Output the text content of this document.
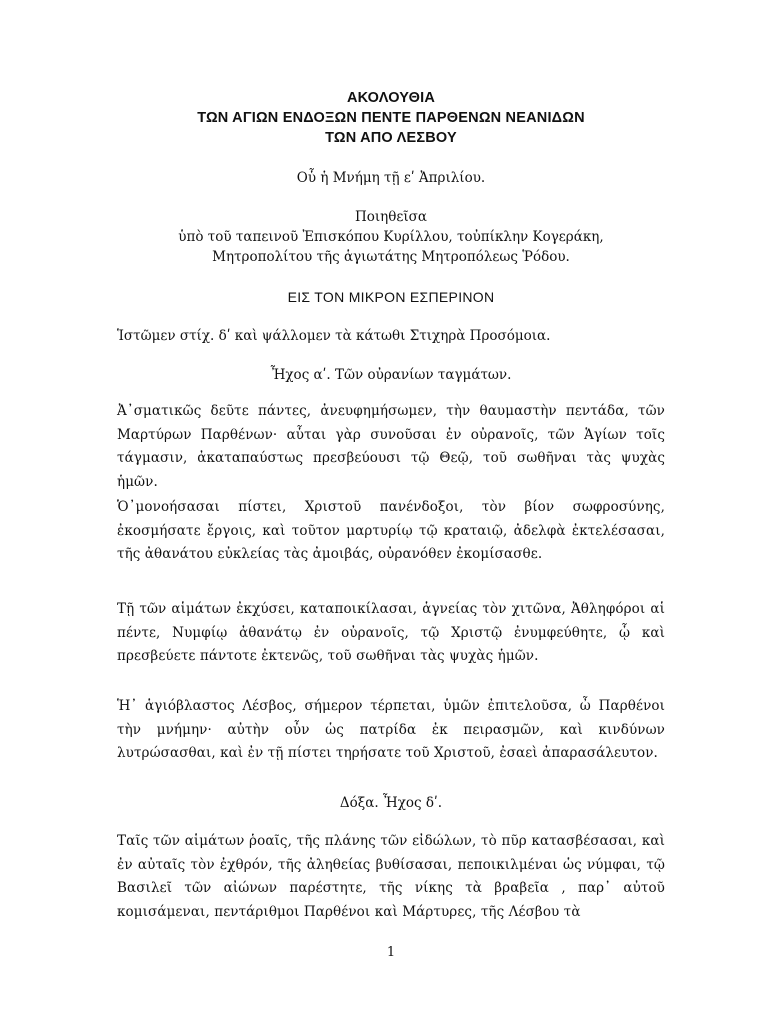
ΑΚΟΛΟΥΘΙΑ
ΤΩΝ ΑΓΙΩΝ ΕΝΔΟΞΩΝ ΠΕΝΤΕ ΠΑΡΘΕΝΩΝ ΝΕΑΝΙΔΩΝ
ΤΩΝ ΑΠΟ ΛΕΣΒΟΥ
Οὗ ἡ Μνήμη τῇ εʹ Ἀπριλίου.
Ποιηθεῖσα
ὑπὸ τοῦ ταπεινοῦ Ἐπισκόπου Κυρίλλου, τοὐπίκλην Κογεράκη,
Μητροπολίτου τῆς ἁγιωτάτης Μητροπόλεως Ῥόδου.
ΕΙΣ ΤΟΝ ΜΙΚΡΟΝ ΕΣΠΕΡΙΝΟΝ
Ἱστῶμεν στίχ. δʹ καὶ ψάλλομεν τὰ κάτωθι Στιχηρὰ Προσόμοια.
Ἦχος αʹ. Τῶν οὐρανίων ταγμάτων.
Ἀ᾿σματικῶς δεῦτε πάντες, ἀνευφημήσωμεν, τὴν θαυμαστὴν πεντάδα, τῶν Μαρτύρων Παρθένων· αὗται γὰρ συνοῦσαι ἐν οὐρανοῖς, τῶν Ἁγίων τοῖς τάγμασιν, ἀκαταπαύστως πρεσβεύουσι τῷ Θεῷ, τοῦ σωθῆναι τὰς ψυχὰς ἡμῶν.
Ὁ᾿μονοήσασαι πίστει, Χριστοῦ πανένδοξοι, τὸν βίον σωφροσύνης, ἐκοσμήσατε ἔργοις, καὶ τοῦτον μαρτυρίῳ τῷ κραταιῷ, ἀδελφὰ ἐκτελέσασαι, τῆς ἀθανάτου εὐκλείας τὰς ἀμοιβάς, οὐρανόθεν ἐκομίσασθε.
Τῇ τῶν αἱμάτων ἐκχύσει, καταποικίλασαι, ἁγνείας τὸν χιτῶνα, Ἀθληφόροι αἱ πέντε, Νυμφίῳ ἀθανάτῳ ἐν οὐρανοῖς, τῷ Χριστῷ ἐνυμφεύθητε, ᾧ καὶ πρεσβεύετε πάντοτε ἐκτενῶς, τοῦ σωθῆναι τὰς ψυχὰς ἡμῶν.
Ἡ᾿ ἁγιόβλαστος Λέσβος, σήμερον τέρπεται, ὑμῶν ἐπιτελοῦσα, ὦ Παρθένοι τὴν μνήμην· αὐτὴν οὖν ὡς πατρίδα ἐκ πειρασμῶν, καὶ κινδύνων λυτρώσασθαι, καὶ ἐν τῇ πίστει τηρήσατε τοῦ Χριστοῦ, ἐσαεὶ ἀπαρασάλευτον.
Δόξα. Ἦχος δʹ.
Ταῖς τῶν αἱμάτων ῥοαῖς, τῆς πλάνης τῶν εἰδώλων, τὸ πῦρ κατασβέσασαι, καὶ ἐν αὐταῖς τὸν ἐχθρόν, τῆς ἀληθείας βυθίσασαι, πεποικιλμέναι ὡς νύμφαι, τῷ Βασιλεῖ τῶν αἰώνων παρέστητε, τῆς νίκης τὰ βραβεῖα , παρ᾿ αὐτοῦ κομισάμεναι, πεντάριθμοι Παρθένοι καὶ Μάρτυρες, τῆς Λέσβου τὰ
1
